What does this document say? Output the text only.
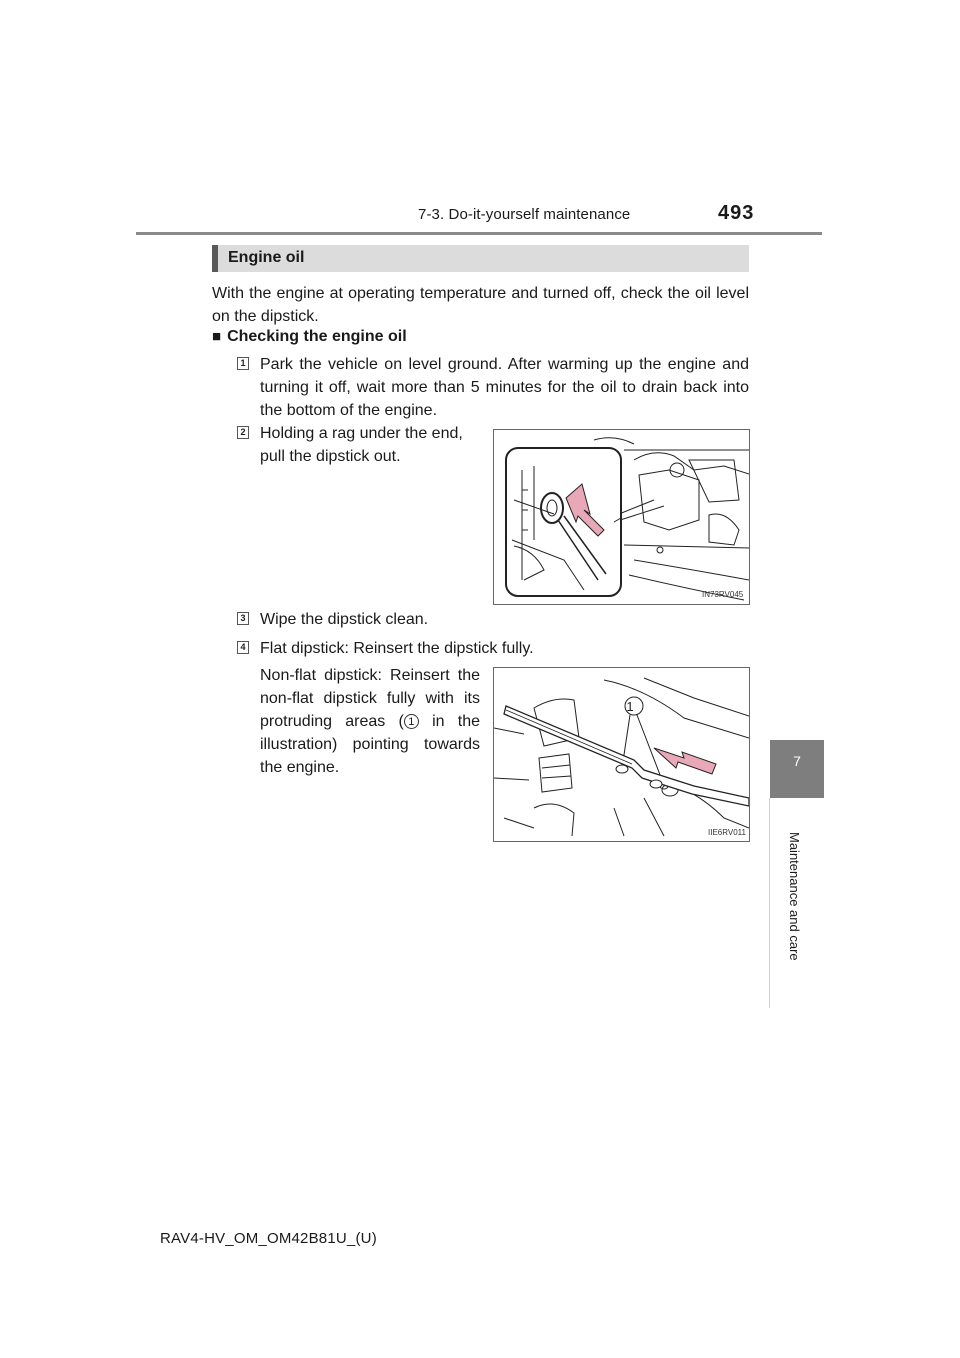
7-3. Do-it-yourself maintenance	493
7
Maintenance and care
Engine oil
With the engine at operating temperature and turned off, check the oil level on the dipstick.
■ Checking the engine oil
1 Park the vehicle on level ground. After warming up the engine and turning it off, wait more than 5 minutes for the oil to drain back into the bottom of the engine.
2 Holding a rag under the end, pull the dipstick out.
IN73RV045
3 Wipe the dipstick clean.
4 Flat dipstick: Reinsert the dipstick fully.
Non-flat dipstick: Reinsert the non-flat dipstick fully with its protruding areas ( 1 in the illustration) pointing towards the engine.
1
IIE6RV011
RAV4-HV_OM_OM42B81U_(U)
